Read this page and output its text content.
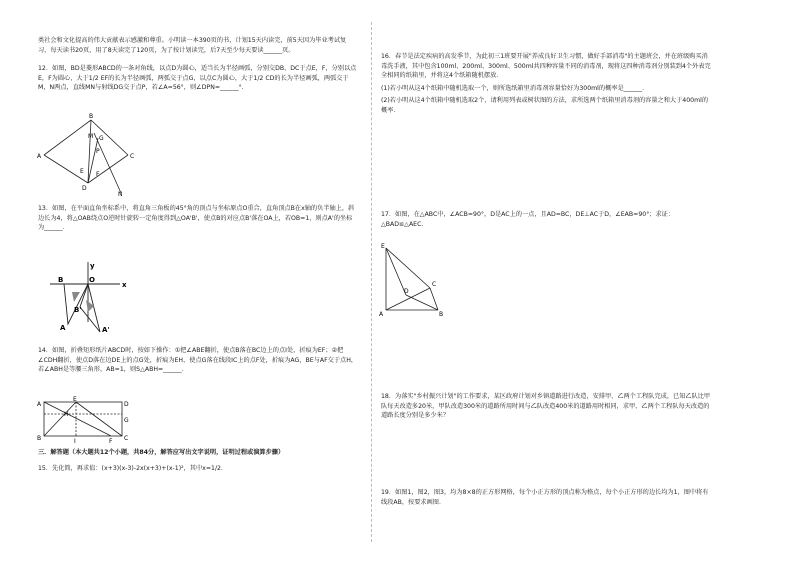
类社会和文化提高的伟大贡献表示感激和尊重。小明读一本390页的书，计划15天内读完，前5天因为毕业考试复习，每天读书20页，用了8天读完了120页，为了按计划读完，后7天至少每天要读______页。

12．如图，BD是菱形ABCD的一条对角线，以点D为圆心，适当长为半径画弧，分别交DB、DC于点E，F，分别以点E，F为圆心，大于1/2 EF的长为半径画弧，两弧交于点G，以点C为圆心，大于1/2 CD的长为半径画弧，两弧交于M，N两点，直线MN与射线DG交于点P，若∠A=56°，则∠DPN=______°．

13．如图，在平面直角坐标系中，将直角三角板的45°角的顶点与坐标原点O重合，直角顶点B在x轴的负半轴上，斜边长为4，将△OAB绕点O逆时针旋转一定角度得到△OA'B'，使点B的对应点B'落在OA上，若OB=1，则点A'的坐标为______．

14．如图，折叠矩形纸片ABCD时，按如下操作：①把∠ABE翻折，使点B落在BC边上的点I处，折痕为EF；②把∠CDH翻折，使点D落在边DE上的点G处，折痕为EH，使点G落在线段IC上的点F处，折痕为AG，BE与AF交于点H，若∠ABH是等腰三角形，AB=1，则S△ABH=______．

三．解答题（本大题共12个小题，共84分，解答应写出文字说明，证明过程或演算步骤）

15．先化简，再求值：(x+3)(x-3)-2x(x+3)+(x-1)²，其中x=1/2．

A
B
C
D
E F
G
M
N
P
B	O
x
y
B'
A	A'
A
E
D
G
C
B	I	F
H

16．春节是法定疾病的高发季节，为此初三1班要开展"养成良好卫生习惯，做好手部消毒"的主题班会，并在班级购买消毒洗手液，其中包含100ml、200ml、300ml、500ml共四种容量不同的消毒剂，现将这四种消毒剂分别装到4个外表完全相同的纸箱里，并将这4个纸箱随机摆放．

(1)若小明从这4个纸箱中随机选取一个，则所选纸箱里消毒剂容量恰好为300ml的概率是______．

(2)若小明从这4个纸箱中随机选取2个，请利用列表或树状图的方法，求所选两个纸箱里消毒剂的容量之和大于400ml的概率．

17．如图，在△ABC中，∠ACB=90°，D是AC上的一点，且AD=BC，DE⊥AC于D，∠EAB=90°；求证：△BAD≌△AEC．

18．为落实"乡村振兴计划"的工作要求，某区政府计划对乡镇道路进行改造，安排甲、乙两个工程队完成，已知乙队比甲队每天改造多20米，甲队改造300米的道路所用时间与乙队改造400米的道路用时相同，求甲、乙两个工程队每天改造的道路长度分别是多少米？

19．如图1，图2，图3，均为8×8的正方形网格，每个小正方形的顶点称为格点，每个小正方形的边长均为1，图中将有线段AB，按要求画图．

E
A	B
C
D
